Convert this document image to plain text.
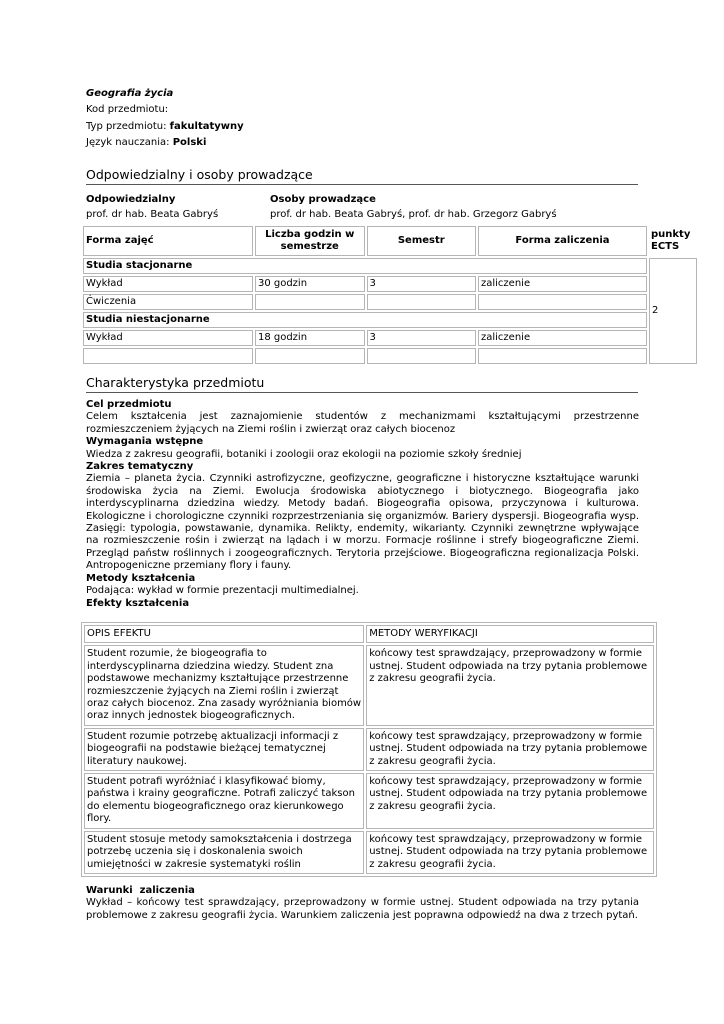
Geografia życia
Kod przedmiotu:
Typ przedmiotu: fakultatywny
Język nauczania: Polski
Odpowiedzialny i osoby prowadzące
Odpowiedzialny
prof. dr hab. Beata Gabryś
Osoby prowadzące
prof. dr hab. Beata Gabryś, prof. dr hab. Grzegorz Gabryś
Forma zajęć	Liczba godzin w semestrze	Semestr	Forma zaliczenia	punkty ECTS
Studia stacjonarne				2
Wykład	30 godzin	3	zaliczenie	
Ćwiczenia				
Studia niestacjonarne				
Wykład	18 godzin	3	zaliczenie	

Charakterystyka przedmiotu
Cel przedmiotu
Celem kształcenia jest zaznajomienie studentów z mechanizmami kształtującymi przestrzenne rozmieszczeniem żyjących na Ziemi roślin i zwierząt oraz całych biocenoz
Wymagania wstępne
Wiedza z zakresu geografii, botaniki i zoologii oraz ekologii na poziomie szkoły średniej
Zakres tematyczny
Ziemia – planeta życia. Czynniki astrofizyczne, geofizyczne, geograficzne i historyczne kształtujące warunki środowiska życia na Ziemi. Ewolucja środowiska abiotycznego i biotycznego. Biogeografia jako interdyscyplinarna dziedzina wiedzy. Metody badań. Biogeografia opisowa, przyczynowa i kulturowa. Ekologiczne i chorologiczne czynniki rozprzestrzeniania się organizmów. Bariery dyspersji. Biogeografia wysp. Zasięgi: typologia, powstawanie, dynamika. Relikty, endemity, wikarianty. Czynniki zewnętrzne wpływające na rozmieszczenie rośin i zwierząt na lądach i w morzu. Formacje roślinne i strefy biogeograficzne Ziemi. Przegląd państw roślinnych i zoogeograficznych. Terytoria przejściowe. Biogeograficzna regionalizacja Polski. Antropogeniczne przemiany flory i fauny.
Metody kształcenia
Podająca: wykład w formie prezentacji multimedialnej.
Efekty kształcenia
OPIS EFEKTU	METODY WERYFIKACJI
Student rozumie, że biogeografia to interdyscyplinarna dziedzina wiedzy. Student zna podstawowe mechanizmy kształtujące przestrzenne rozmieszczenie żyjących na Ziemi roślin i zwierząt oraz całych biocenoz. Zna zasady wyróżniania biomów oraz innych jednostek biogeograficznych.	końcowy test sprawdzający, przeprowadzony w formie ustnej. Student odpowiada na trzy pytania problemowe z zakresu geografii życia.
Student rozumie potrzebę aktualizacji informacji z biogeografii na podstawie bieżącej tematycznej literatury naukowej.	końcowy test sprawdzający, przeprowadzony w formie ustnej. Student odpowiada na trzy pytania problemowe z zakresu geografii życia.
Student potrafi wyróżniać i klasyfikować biomy, państwa i krainy geograficzne. Potrafi zaliczyć takson do elementu biogeograficznego oraz kierunkowego flory.	końcowy test sprawdzający, przeprowadzony w formie ustnej. Student odpowiada na trzy pytania problemowe z zakresu geografii życia.
Student stosuje metody samokształcenia i dostrzega potrzebę uczenia się i doskonalenia swoich umiejętności w zakresie systematyki roślin	końcowy test sprawdzający, przeprowadzony w formie ustnej. Student odpowiada na trzy pytania problemowe z zakresu geografii życia.
Warunki  zaliczenia
Wykład – końcowy test sprawdzający, przeprowadzony w formie ustnej. Student odpowiada na trzy pytania problemowe z zakresu geografii życia. Warunkiem zaliczenia jest poprawna odpowiedź na dwa z trzech pytań.
